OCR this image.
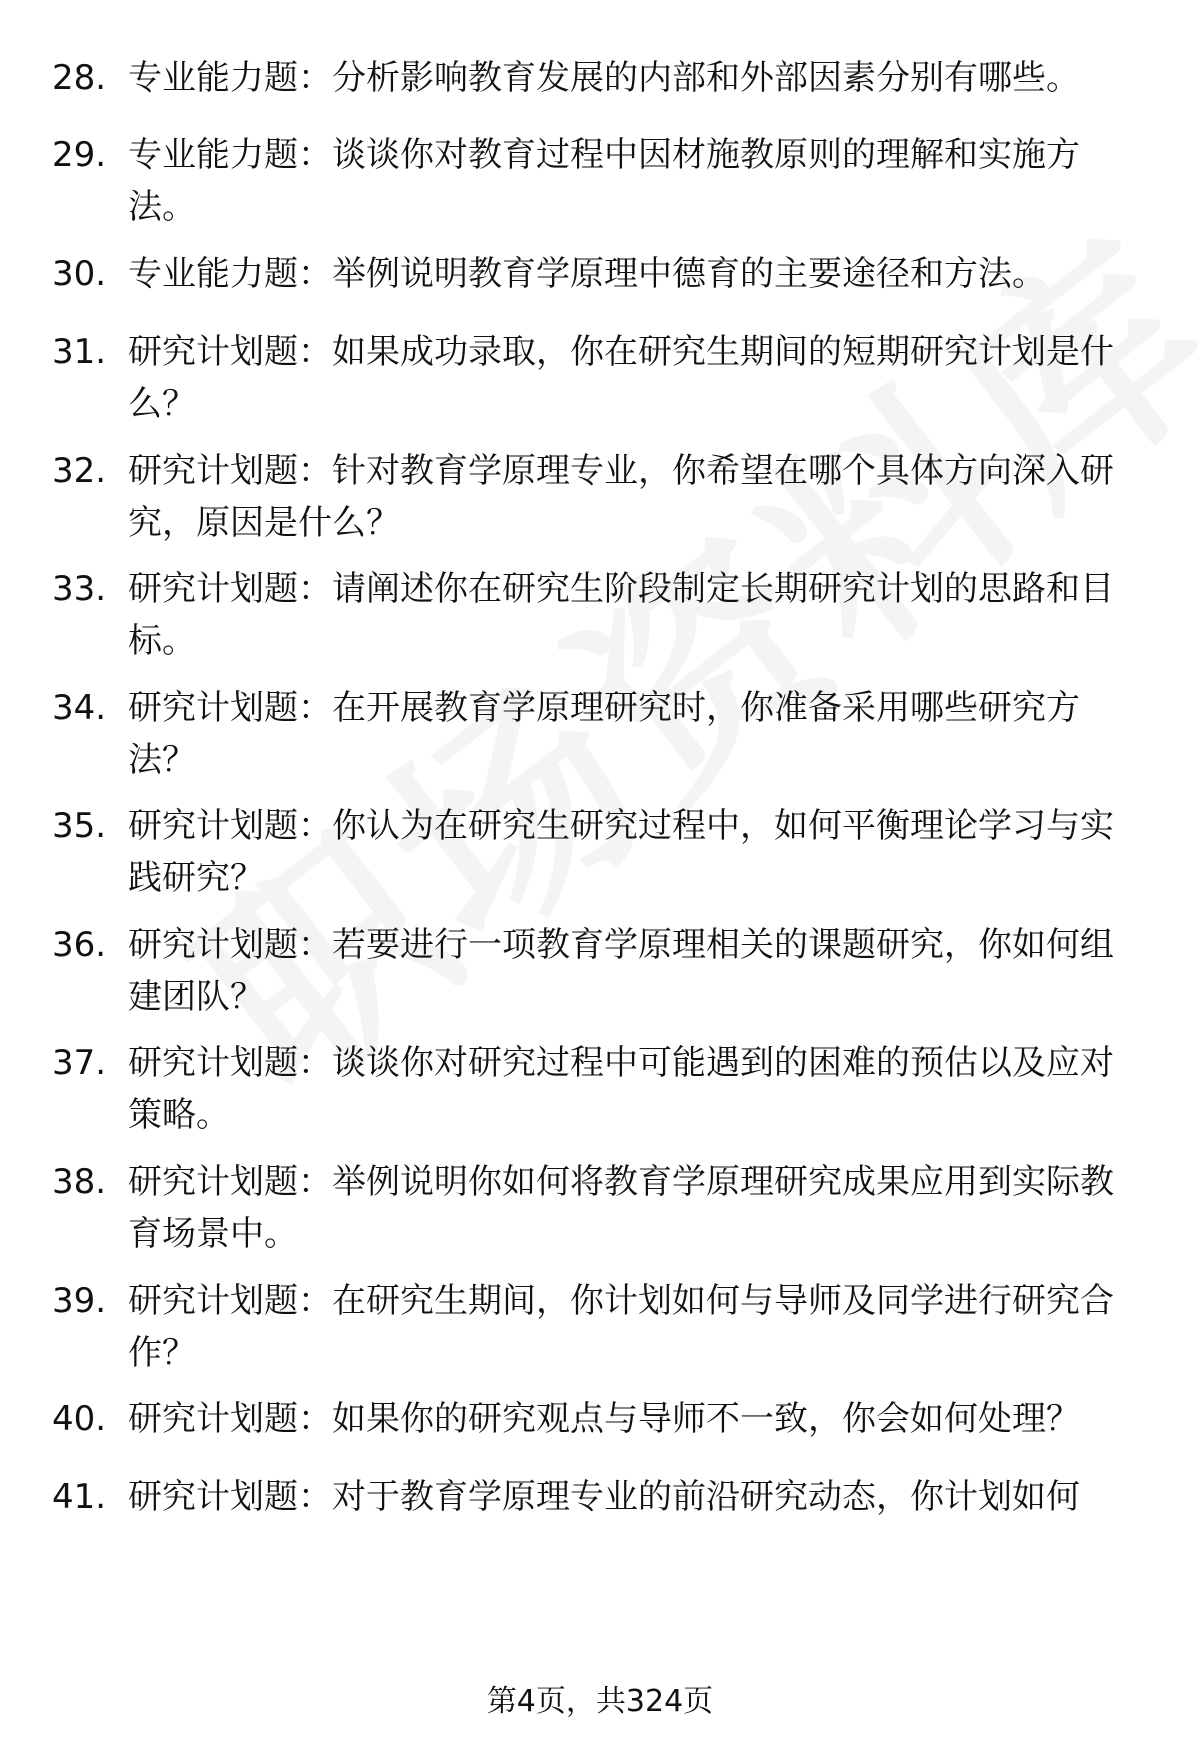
28. 专业能力题：分析影响教育发展的内部和外部因素分别有哪些。
29. 专业能力题：谈谈你对教育过程中因材施教原则的理解和实施方法。
30. 专业能力题：举例说明教育学原理中德育的主要途径和方法。
31. 研究计划题：如果成功录取，你在研究生期间的短期研究计划是什么？
32. 研究计划题：针对教育学原理专业，你希望在哪个具体方向深入研究，原因是什么？
33. 研究计划题：请阐述你在研究生阶段制定长期研究计划的思路和目标。
34. 研究计划题：在开展教育学原理研究时，你准备采用哪些研究方法？
35. 研究计划题：你认为在研究生研究过程中，如何平衡理论学习与实践研究？
36. 研究计划题：若要进行一项教育学原理相关的课题研究，你如何组建团队？
37. 研究计划题：谈谈你对研究过程中可能遇到的困难的预估以及应对策略。
38. 研究计划题：举例说明你如何将教育学原理研究成果应用到实际教育场景中。
39. 研究计划题：在研究生期间，你计划如何与导师及同学进行研究合作？
40. 研究计划题：如果你的研究观点与导师不一致，你会如何处理？
41. 研究计划题：对于教育学原理专业的前沿研究动态，你计划如何
第4页，共324页
